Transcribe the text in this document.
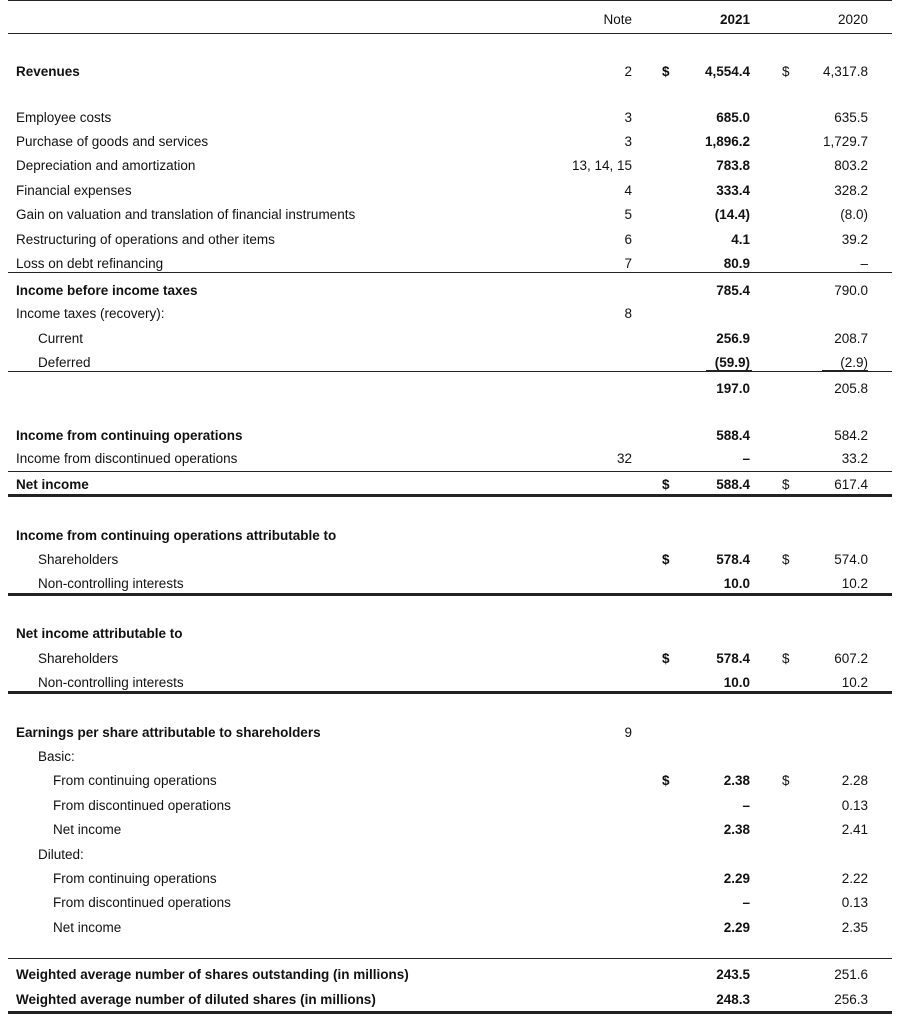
Note	2021	2020
Revenues	2 $	4,554.4 $	4,317.8
Employee costs	3	685.0	635.5
Purchase of goods and services	3	1,896.2	1,729.7
Depreciation and amortization	13, 14, 15	783.8	803.2
Financial expenses	4	333.4	328.2
Gain on valuation and translation of financial instruments	5	(14.4)	(8.0)
Restructuring of operations and other items	6	4.1	39.2
Loss on debt refinancing	7	80.9	–
Income before income taxes	785.4	790.0
Income taxes (recovery):	8
Current	256.9	208.7
Deferred	(59.9)	(2.9)
197.0	205.8
Income from continuing operations	588.4	584.2
Income from discontinued operations	32	–	33.2
Net income	$	588.4 $	617.4
Income from continuing operations attributable to
Shareholders	$	578.4 $	574.0
Non-controlling interests	10.0	10.2
Net income attributable to
Shareholders	$	578.4 $	607.2
Non-controlling interests	10.0	10.2
Earnings per share attributable to shareholders	9
Basic:
From continuing operations	$	2.38 $	2.28
From discontinued operations	–	0.13
Net income	2.38	2.41
Diluted:
From continuing operations	2.29	2.22
From discontinued operations	–	0.13
Net income	2.29	2.35
Weighted average number of shares outstanding (in millions)	243.5	251.6
Weighted average number of diluted shares (in millions)	248.3	256.3
